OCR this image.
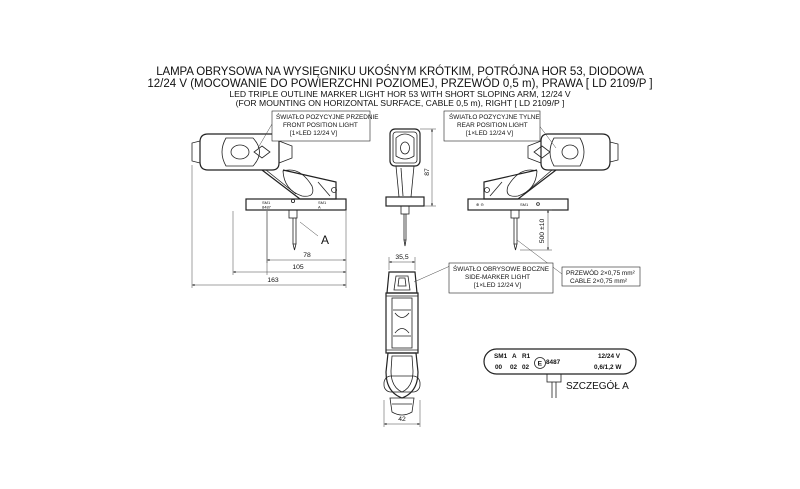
LAMPA OBRYSOWA NA WYSIĘGNIKU UKOŚNYM KRÓTKIM, POTRÓJNA HOR 53, DIODOWA
12/24 V (MOCOWANIE DO POWIERZCHNI POZIOMEJ, PRZEWÓD 0,5 m), PRAWA [ LD 2109/P ]
LED TRIPLE OUTLINE MARKER LIGHT HOR 53 WITH SHORT SLOPING ARM, 12/24 V
(FOR MOUNTING ON HORIZONTAL SURFACE, CABLE 0,5 m), RIGHT [ LD 2109/P ]
SM1
8487
SM1
A
A
78
105
163
ŚWIATŁO POZYCYJNE PRZEDNIE
FRONT POSITION LIGHT
[1×LED 12/24 V]
87
⊕ ⊖	SM1
500 ±10
ŚWIATŁO POZYCYJNE TYLNE
REAR POSITION LIGHT
[1×LED 12/24 V]
PRZEWÓD 2×0,75 mm²
CABLE 2×0,75 mm²
35,5
42
ŚWIATŁO OBRYSOWE BOCZNE
SIDE-MARKER LIGHT
[1×LED 12/24 V]
SM1 A R1
00 02 02 E 8487
12/24 V
0,6/1,2 W
SZCZEGÓŁ A
